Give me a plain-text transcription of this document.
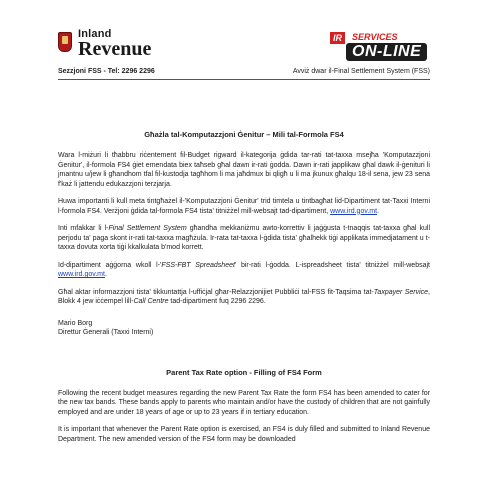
Inland
Revenue	IR	SERVICES
ON-LINE
Sezzjoni FSS - Tel: 2296 2296	Avviż dwar il-Final Settlement System (FSS)
Għażla tal-Komputazzjoni Ġenitur – Mili tal-Formola FS4

Wara l-miżuri li tħabbru riċentement fil-Budget rigward il-kategorija ġdida tar-rati tat-taxxa msejħa 'Komputazzjoni Ġenitur', il-formola FS4 ġiet emendata biex taħseb għal dawn ir-rati ġodda. Dawn ir-rati japplikaw għal dawk il-ġenituri li jmantnu u/jew li għandhom tfal fil-kustodja tagħhom li ma jaħdmux bi qligħ u li ma jkunux għalqu 18-il sena, jew 23 sena f'każ li jattendu edukazzjoni terzjarja.

Huwa importanti li kull meta tintgħażel il-'Komputazzjoni Ġenitur' trid timtela u tintbagħat lid-Dipartiment tat-Taxxi Interni l-formola FS4. Verżjoni ġdida tal-formola FS4 tista' titniżżel mill-websajt tad-dipartiment, www.ird.gov.mt.

Inti mfakkar li l-Final Settlement System għandha mekkaniżmu awto-korrettiv li jaġġusta t-tnaqqis tat-taxxa għal kull perjodu ta' paga skont ir-rati tat-taxxa magħżula. Ir-rata tat-taxxa l-ġdida tista' għalhekk tiġi applikata immedjatament u t-taxxa dovuta xorta tiġi kkalkulata b'mod korrett.

Id-dipartiment aġġorna wkoll l-'FSS-FBT Spreadsheet' bir-rati l-ġodda. L-ispreadsheet tista' titniżżel mill-websajt www.ird.gov.mt.

Għal aktar informazzjoni tista' tikkuntattja l-uffiċjal għar-Relazzjonijiet Pubbliċi tal-FSS fit-Taqsima tat-Taxpayer Service, Blokk 4 jew iċċempel lill-Call Centre tad-dipartiment fuq 2296 2296.

Mario Borg
Direttur Ġenerali (Taxxi Interni)
Parent Tax Rate option - Filling of FS4 Form

Following the recent budget measures regarding the new Parent Tax Rate the form FS4 has been amended to cater for the new tax bands. These bands apply to parents who maintain and/or have the custody of children that are not gainfully employed and are under 18 years of age or up to 23 years if in tertiary education.

It is important that whenever the Parent Rate option is exercised, an FS4 is duly filled and submitted to Inland Revenue Department. The new amended version of the FS4 form may be downloaded
